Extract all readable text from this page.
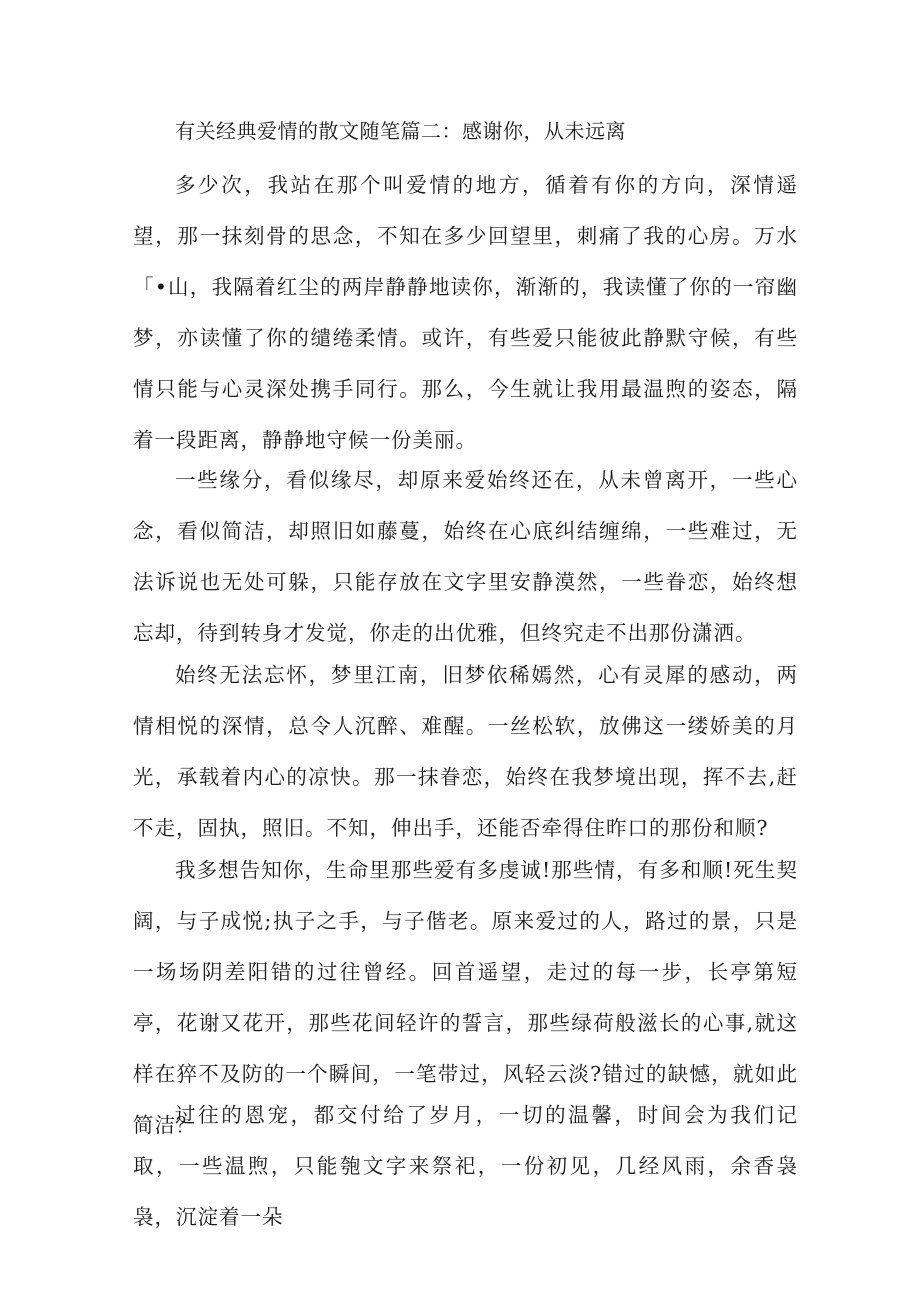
有关经典爱情的散文随笔篇二：感谢你，从未远离

多少次，我站在那个叫爱情的地方，循着有你的方向，深情遥望，那一抹刻骨的思念，不知在多少回望里，刺痛了我的心房。万水「•山，我隔着红尘的两岸静静地读你，渐渐的，我读懂了你的一帘幽梦，亦读懂了你的缱绻柔情。或许，有些爱只能彼此静默守候，有些情只能与心灵深处携手同行。那么，今生就让我用最温煦的姿态，隔着一段距离，静静地守候一份美丽。

一些缘分，看似缘尽，却原来爱始终还在，从未曾离开，一些心念，看似简洁，却照旧如藤蔓，始终在心底纠结缠绵，一些难过，无法诉说也无处可躲，只能存放在文字里安静漠然，一些眷恋，始终想忘却，待到转身才发觉，你走的出优雅，但终究走不出那份潇洒。

始终无法忘怀，梦里江南，旧梦依稀嫣然，心有灵犀的感动，两情相悦的深情，总令人沉醉、难醒。一丝松软，放佛这一缕娇美的月光，承载着内心的凉快。那一抹眷恋，始终在我梦境出现，挥不去,赶不走，固执，照旧。不知，伸出手，还能否牵得住昨口的那份和顺?

我多想告知你，生命里那些爱有多虔诚!那些情，有多和顺!死生契阔，与子成悦;执子之手，与子偕老。原来爱过的人，路过的景，只是一场场阴差阳错的过往曾经。回首遥望，走过的每一步，长亭第短亭，花谢又花开，那些花间轻许的誓言，那些绿荷般滋长的心事,就这样在猝不及防的一个瞬间，一笔带过，风轻云淡?错过的缺憾，就如此简洁？

过往的恩宠，都交付给了岁月，一切的温馨，时间会为我们记取，一些温煦，只能匏文字来祭祀，一份初见，几经风雨，余香袅袅，沉淀着一朵
